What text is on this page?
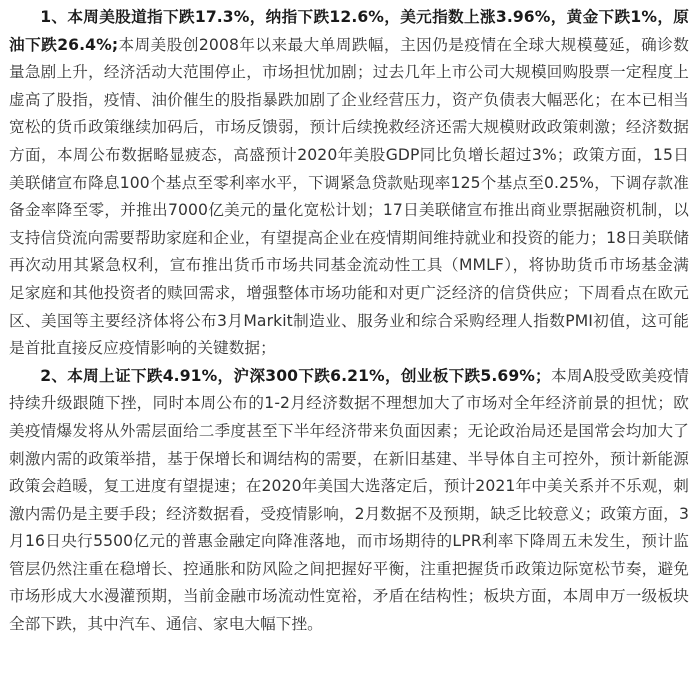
1、本周美股道指下跌17.3%，纳指下跌12.6%，美元指数上涨3.96%，黄金下跌1%，原油下跌26.4%;本周美股创2008年以来最大单周跌幅，主因仍是疫情在全球大规模蔓延，确诊数量急剧上升，经济活动大范围停止，市场担忧加剧；过去几年上市公司大规模回购股票一定程度上虚高了股指，疫情、油价催生的股指暴跌加剧了企业经营压力，资产负债表大幅恶化；在本已相当宽松的货币政策继续加码后，市场反馈弱，预计后续挽救经济还需大规模财政政策刺激；经济数据方面，本周公布数据略显疲态，高盛预计2020年美股GDP同比负增长超过3%；政策方面，15日美联储宣布降息100个基点至零利率水平，下调紧急贷款贴现率125个基点至0.25%，下调存款准备金率降至零，并推出7000亿美元的量化宽松计划；17日美联储宣布推出商业票据融资机制，以支持信贷流向需要帮助家庭和企业，有望提高企业在疫情期间维持就业和投资的能力；18日美联储再次动用其紧急权利，宣布推出货币市场共同基金流动性工具（MMLF），将协助货币市场基金满足家庭和其他投资者的赎回需求，增强整体市场功能和对更广泛经济的信贷供应；下周看点在欧元区、美国等主要经济体将公布3月Markit制造业、服务业和综合采购经理人指数PMI初值，这可能是首批直接反应疫情影响的关键数据；

2、本周上证下跌4.91%，沪深300下跌6.21%，创业板下跌5.69%；本周A股受欧美疫情持续升级跟随下挫，同时本周公布的1-2月经济数据不理想加大了市场对全年经济前景的担忧；欧美疫情爆发将从外需层面给二季度甚至下半年经济带来负面因素；无论政治局还是国常会均加大了刺激内需的政策举措，基于保增长和调结构的需要，在新旧基建、半导体自主可控外，预计新能源政策会趋暖，复工进度有望提速；在2020年美国大选落定后，预计2021年中美关系并不乐观，刺激内需仍是主要手段；经济数据看，受疫情影响，2月数据不及预期，缺乏比较意义；政策方面，3月16日央行5500亿元的普惠金融定向降准落地，而市场期待的LPR利率下降周五未发生，预计监管层仍然注重在稳增长、控通胀和防风险之间把握好平衡，注重把握货币政策边际宽松节奏，避免市场形成大水漫灌预期，当前金融市场流动性宽裕，矛盾在结构性；板块方面，本周申万一级板块全部下跌，其中汽车、通信、家电大幅下挫。
